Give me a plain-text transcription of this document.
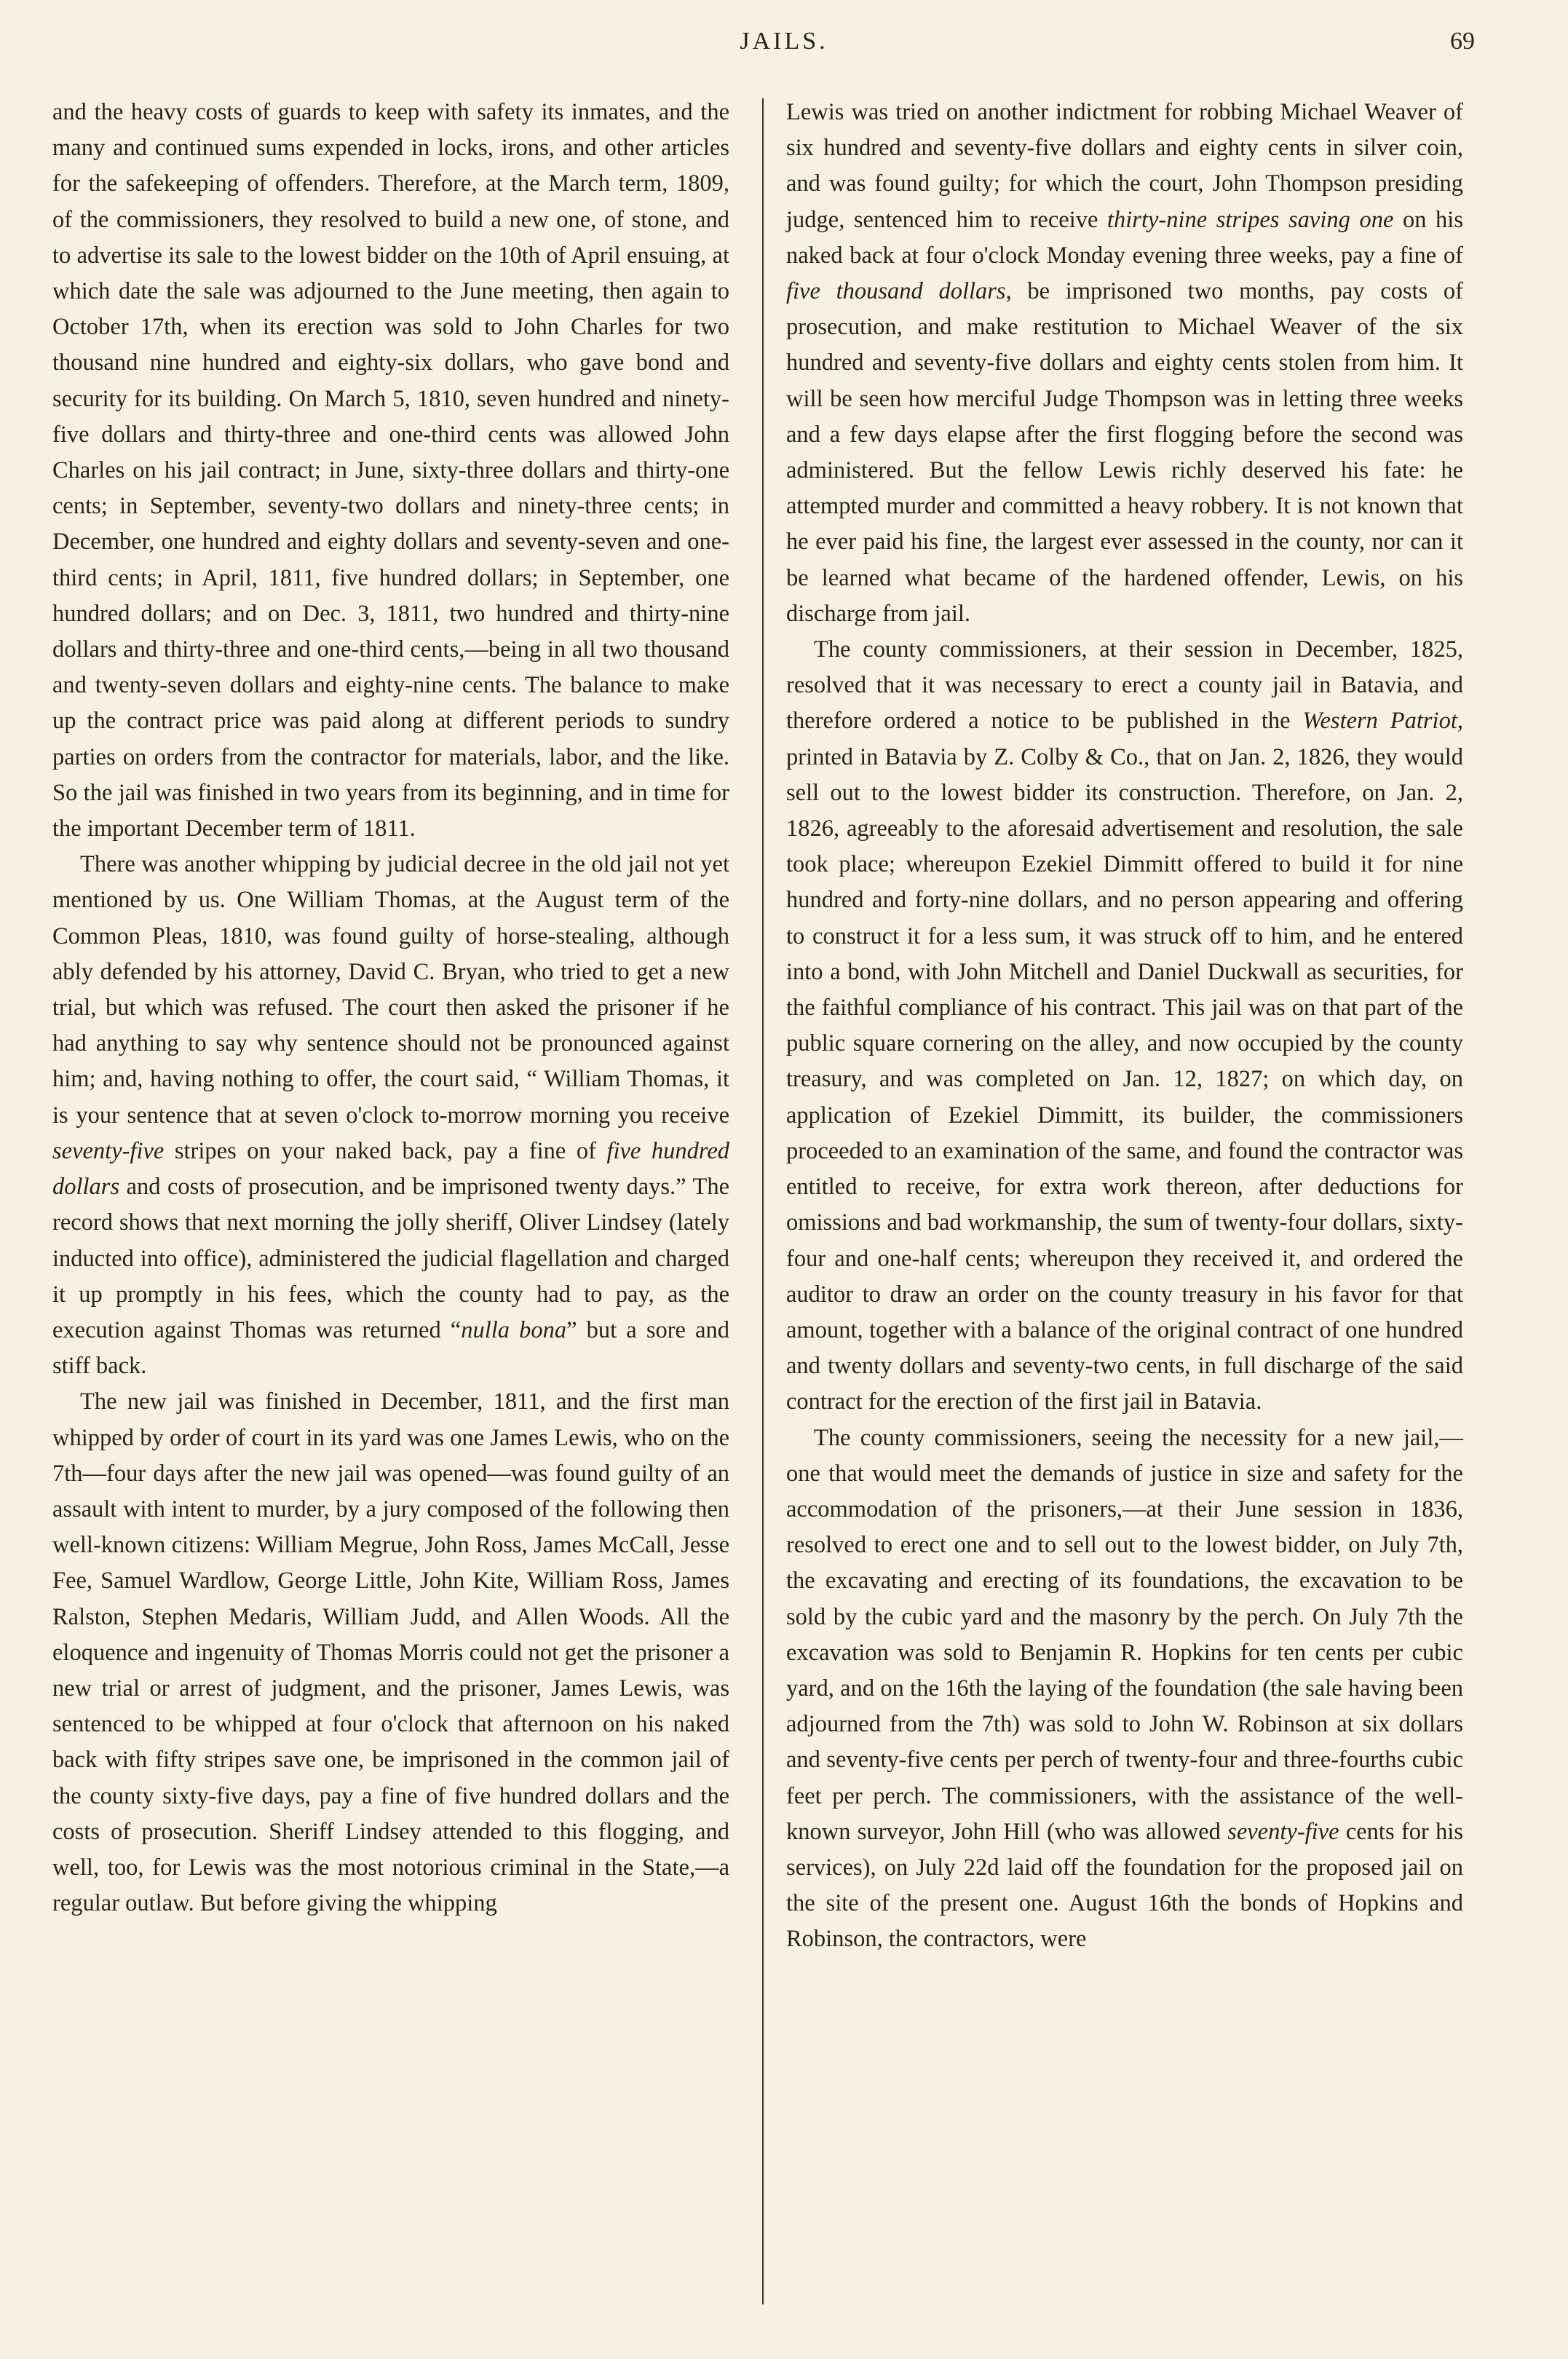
JAILS.	69

and the heavy costs of guards to keep with safety its inmates, and the many and continued sums expended in locks, irons, and other articles for the safekeeping of offenders. Therefore, at the March term, 1809, of the commissioners, they resolved to build a new one, of stone, and to advertise its sale to the lowest bidder on the 10th of April ensuing, at which date the sale was adjourned to the June meeting, then again to October 17th, when its erection was sold to John Charles for two thousand nine hundred and eighty-six dollars, who gave bond and security for its building. On March 5, 1810, seven hundred and ninety-five dollars and thirty-three and one-third cents was allowed John Charles on his jail contract; in June, sixty-three dollars and thirty-one cents; in September, seventy-two dollars and ninety-three cents; in December, one hundred and eighty dollars and seventy-seven and one-third cents; in April, 1811, five hundred dollars; in September, one hundred dollars; and on Dec. 3, 1811, two hundred and thirty-nine dollars and thirty-three and one-third cents,—being in all two thousand and twenty-seven dollars and eighty-nine cents. The balance to make up the contract price was paid along at different periods to sundry parties on orders from the contractor for materials, labor, and the like. So the jail was finished in two years from its beginning, and in time for the important December term of 1811.

There was another whipping by judicial decree in the old jail not yet mentioned by us. One William Thomas, at the August term of the Common Pleas, 1810, was found guilty of horse-stealing, although ably defended by his attorney, David C. Bryan, who tried to get a new trial, but which was refused. The court then asked the prisoner if he had anything to say why sentence should not be pronounced against him; and, having nothing to offer, the court said, “ William Thomas, it is your sentence that at seven o'clock to-morrow morning you receive seventy-five stripes on your naked back, pay a fine of five hundred dollars and costs of prosecution, and be imprisoned twenty days.” The record shows that next morning the jolly sheriff, Oliver Lindsey (lately inducted into office), administered the judicial flagellation and charged it up promptly in his fees, which the county had to pay, as the execution against Thomas was returned “nulla bona” but a sore and stiff back.

The new jail was finished in December, 1811, and the first man whipped by order of court in its yard was one James Lewis, who on the 7th—four days after the new jail was opened—was found guilty of an assault with intent to murder, by a jury composed of the following then well-known citizens: William Megrue, John Ross, James McCall, Jesse Fee, Samuel Wardlow, George Little, John Kite, William Ross, James Ralston, Stephen Medaris, William Judd, and Allen Woods. All the eloquence and ingenuity of Thomas Morris could not get the prisoner a new trial or arrest of judgment, and the prisoner, James Lewis, was sentenced to be whipped at four o'clock that afternoon on his naked back with fifty stripes save one, be imprisoned in the common jail of the county sixty-five days, pay a fine of five hundred dollars and the costs of prosecution. Sheriff Lindsey attended to this flogging, and well, too, for Lewis was the most notorious criminal in the State,—a regular outlaw. But before giving the whipping

Lewis was tried on another indictment for robbing Michael Weaver of six hundred and seventy-five dollars and eighty cents in silver coin, and was found guilty; for which the court, John Thompson presiding judge, sentenced him to receive thirty-nine stripes saving one on his naked back at four o'clock Monday evening three weeks, pay a fine of five thousand dollars, be imprisoned two months, pay costs of prosecution, and make restitution to Michael Weaver of the six hundred and seventy-five dollars and eighty cents stolen from him. It will be seen how merciful Judge Thompson was in letting three weeks and a few days elapse after the first flogging before the second was administered. But the fellow Lewis richly deserved his fate: he attempted murder and committed a heavy robbery. It is not known that he ever paid his fine, the largest ever assessed in the county, nor can it be learned what became of the hardened offender, Lewis, on his discharge from jail.

The county commissioners, at their session in December, 1825, resolved that it was necessary to erect a county jail in Batavia, and therefore ordered a notice to be published in the Western Patriot, printed in Batavia by Z. Colby & Co., that on Jan. 2, 1826, they would sell out to the lowest bidder its construction. Therefore, on Jan. 2, 1826, agreeably to the aforesaid advertisement and resolution, the sale took place; whereupon Ezekiel Dimmitt offered to build it for nine hundred and forty-nine dollars, and no person appearing and offering to construct it for a less sum, it was struck off to him, and he entered into a bond, with John Mitchell and Daniel Duckwall as securities, for the faithful compliance of his contract. This jail was on that part of the public square cornering on the alley, and now occupied by the county treasury, and was completed on Jan. 12, 1827; on which day, on application of Ezekiel Dimmitt, its builder, the commissioners proceeded to an examination of the same, and found the contractor was entitled to receive, for extra work thereon, after deductions for omissions and bad workmanship, the sum of twenty-four dollars, sixty-four and one-half cents; whereupon they received it, and ordered the auditor to draw an order on the county treasury in his favor for that amount, together with a balance of the original contract of one hundred and twenty dollars and seventy-two cents, in full discharge of the said contract for the erection of the first jail in Batavia.

The county commissioners, seeing the necessity for a new jail,—one that would meet the demands of justice in size and safety for the accommodation of the prisoners,—at their June session in 1836, resolved to erect one and to sell out to the lowest bidder, on July 7th, the excavating and erecting of its foundations, the excavation to be sold by the cubic yard and the masonry by the perch. On July 7th the excavation was sold to Benjamin R. Hopkins for ten cents per cubic yard, and on the 16th the laying of the foundation (the sale having been adjourned from the 7th) was sold to John W. Robinson at six dollars and seventy-five cents per perch of twenty-four and three-fourths cubic feet per perch. The commissioners, with the assistance of the well-known surveyor, John Hill (who was allowed seventy-five cents for his services), on July 22d laid off the foundation for the proposed jail on the site of the present one. August 16th the bonds of Hopkins and Robinson, the contractors, were
